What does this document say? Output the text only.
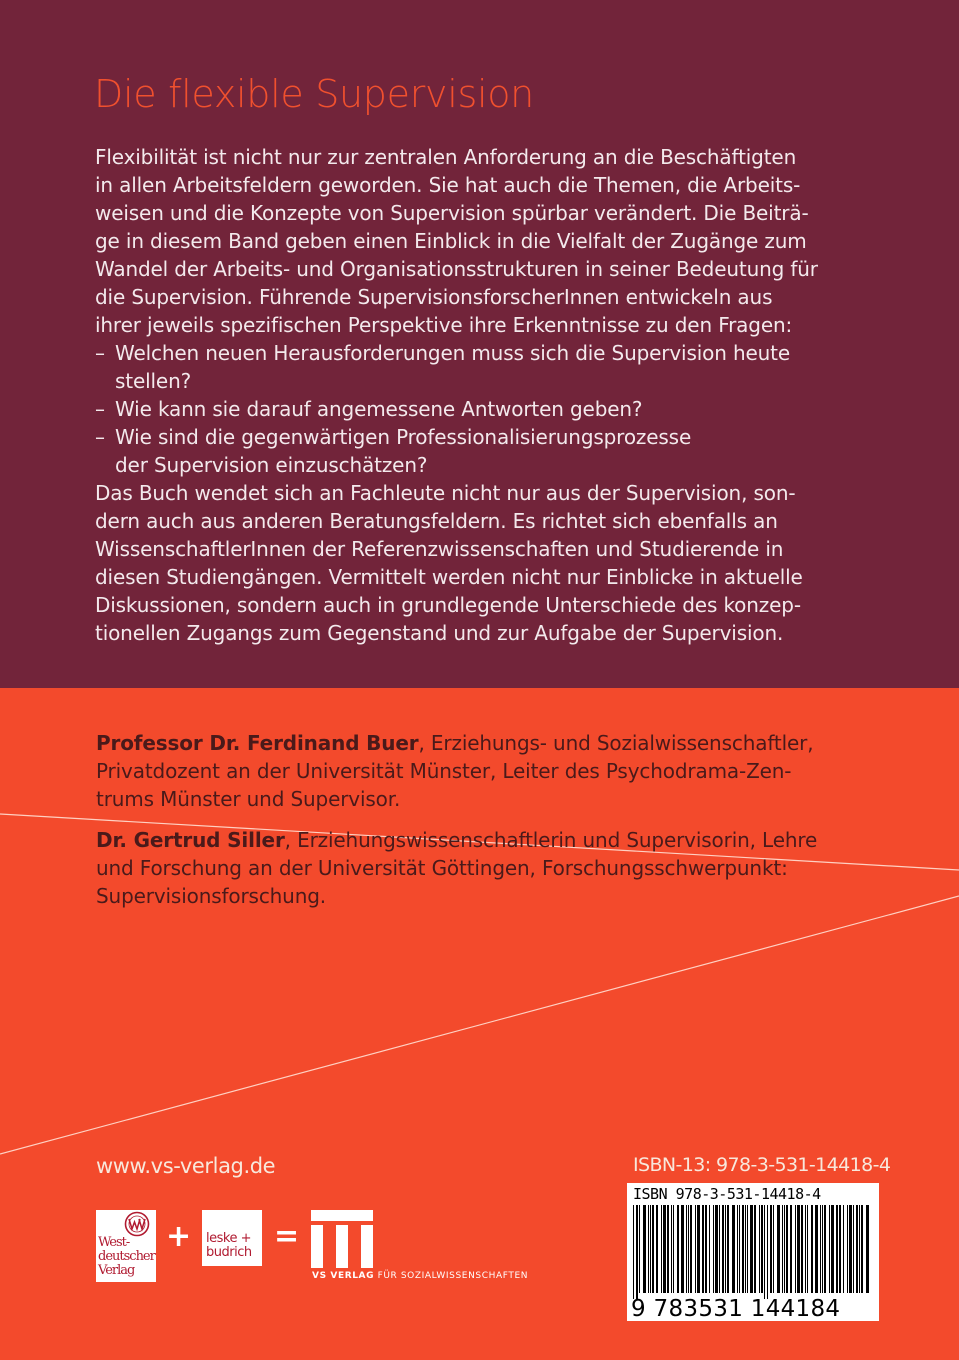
Die flexible Supervision
Flexibilität ist nicht nur zur zentralen Anforderung an die Beschäftigten
in allen Arbeitsfeldern geworden. Sie hat auch die Themen, die Arbeits-
weisen und die Konzepte von Supervision spürbar verändert. Die Beiträ-
ge in diesem Band geben einen Einblick in die Vielfalt der Zugänge zum
Wandel der Arbeits- und Organisationsstrukturen in seiner Bedeutung für
die Supervision. Führende SupervisionsforscherInnen entwickeln aus
ihrer jeweils spezifischen Perspektive ihre Erkenntnisse zu den Fragen:
– Welchen neuen Herausforderungen muss sich die Supervision heute
stellen?
– Wie kann sie darauf angemessene Antworten geben?
– Wie sind die gegenwärtigen Professionalisierungsprozesse
der Supervision einzuschätzen?
Das Buch wendet sich an Fachleute nicht nur aus der Supervision, son-
dern auch aus anderen Beratungsfeldern. Es richtet sich ebenfalls an
WissenschaftlerInnen der Referenzwissenschaften und Studierende in
diesen Studiengängen. Vermittelt werden nicht nur Einblicke in aktuelle
Diskussionen, sondern auch in grundlegende Unterschiede des konzep-
tionellen Zugangs zum Gegenstand und zur Aufgabe der Supervision.
Professor Dr. Ferdinand Buer, Erziehungs- und Sozialwissenschaftler,
Privatdozent an der Universität Münster, Leiter des Psychodrama-Zen-
trums Münster und Supervisor.
Dr. Gertrud Siller, Erziehungswissenschaftlerin und Supervisorin, Lehre
und Forschung an der Universität Göttingen, Forschungsschwerpunkt:
Supervisionsforschung.
www.vs-verlag.de	ISBN-13: 978-3-531-14418-4
ISBN 978-3-531-14418-4
9 783531 144184
West-deutscher Verlag
+ leske + budrich =
VS VERLAG FÜR SOZIALWISSENSCHAFTEN
